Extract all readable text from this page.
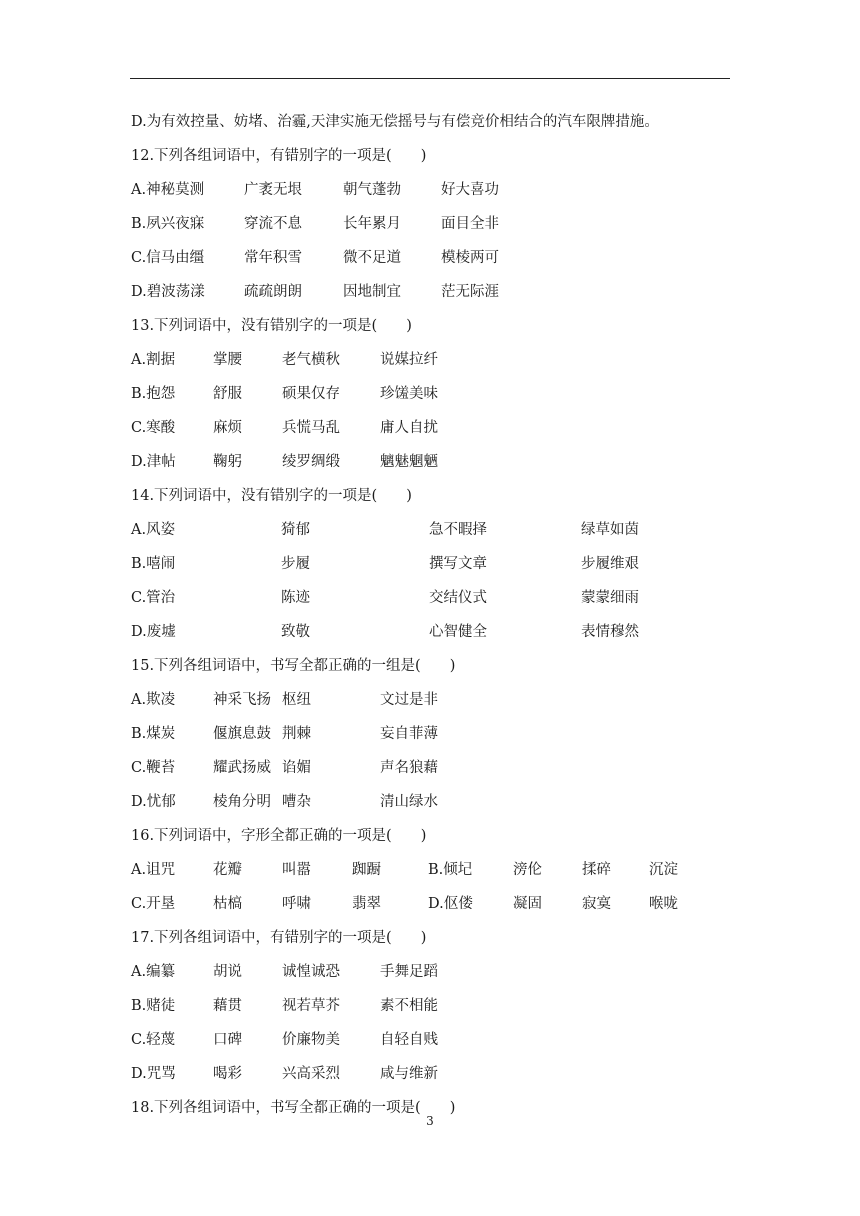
D.为有效控量、妨堵、治霾,天津实施无偿摇号与有偿竞价相结合的汽车限牌措施。
12.下列各组词语中，有错别字的一项是(　　)
A.神秘莫测	广袤无垠	朝气蓬勃	好大喜功
B.夙兴夜寐	穿流不息	长年累月	面目全非
C.信马由缰	常年积雪	微不足道	模棱两可
D.碧波荡漾	疏疏朗朗	因地制宜	茫无际涯
13.下列词语中，没有错别字的一项是(　　)
A.割据	掌腰	老气横秋	说媒拉纤
B.抱怨	舒服	硕果仅存	珍馐美味
C.寒酸	麻烦	兵慌马乱	庸人自扰
D.津帖	鞠躬	绫罗绸缎	魑魅魍魉
14.下列词语中，没有错别字的一项是(　　)
A.风姿	猗郁	急不暇择	绿草如茵
B.嘻闹	步履	撰写文章	步履维艰
C.管治	陈迹	交结仪式	蒙蒙细雨
D.废墟	致敬	心智健全	表情穆然
15.下列各组词语中，书写全都正确的一组是(　　)
A.欺凌	神采飞扬 枢纽	文过是非
B.煤炭	偃旗息鼓 荆棘	妄自菲薄
C.鞭苔	耀武扬威 谄媚	声名狼藉
D.忧郁	棱角分明 嘈杂	清山绿水
16.下列词语中，字形全都正确的一项是(　　)
A.诅咒	花瓣	叫嚣	踟蹰	B.倾圮	滂伦	揉碎	沉淀
C.开垦	枯槁	呼啸	翡翠	D.伛偻	凝固	寂寞	喉咙
17.下列各组词语中，有错别字的一项是(　　)
A.编纂	胡说	诚惶诚恐	手舞足蹈
B.赌徒	藉贯	视若草芥	素不相能
C.轻蔑	口碑	价廉物美	自轻自贱
D.咒骂	喝彩	兴高采烈	咸与维新
18.下列各组词语中，书写全都正确的一项是(　　)
3
